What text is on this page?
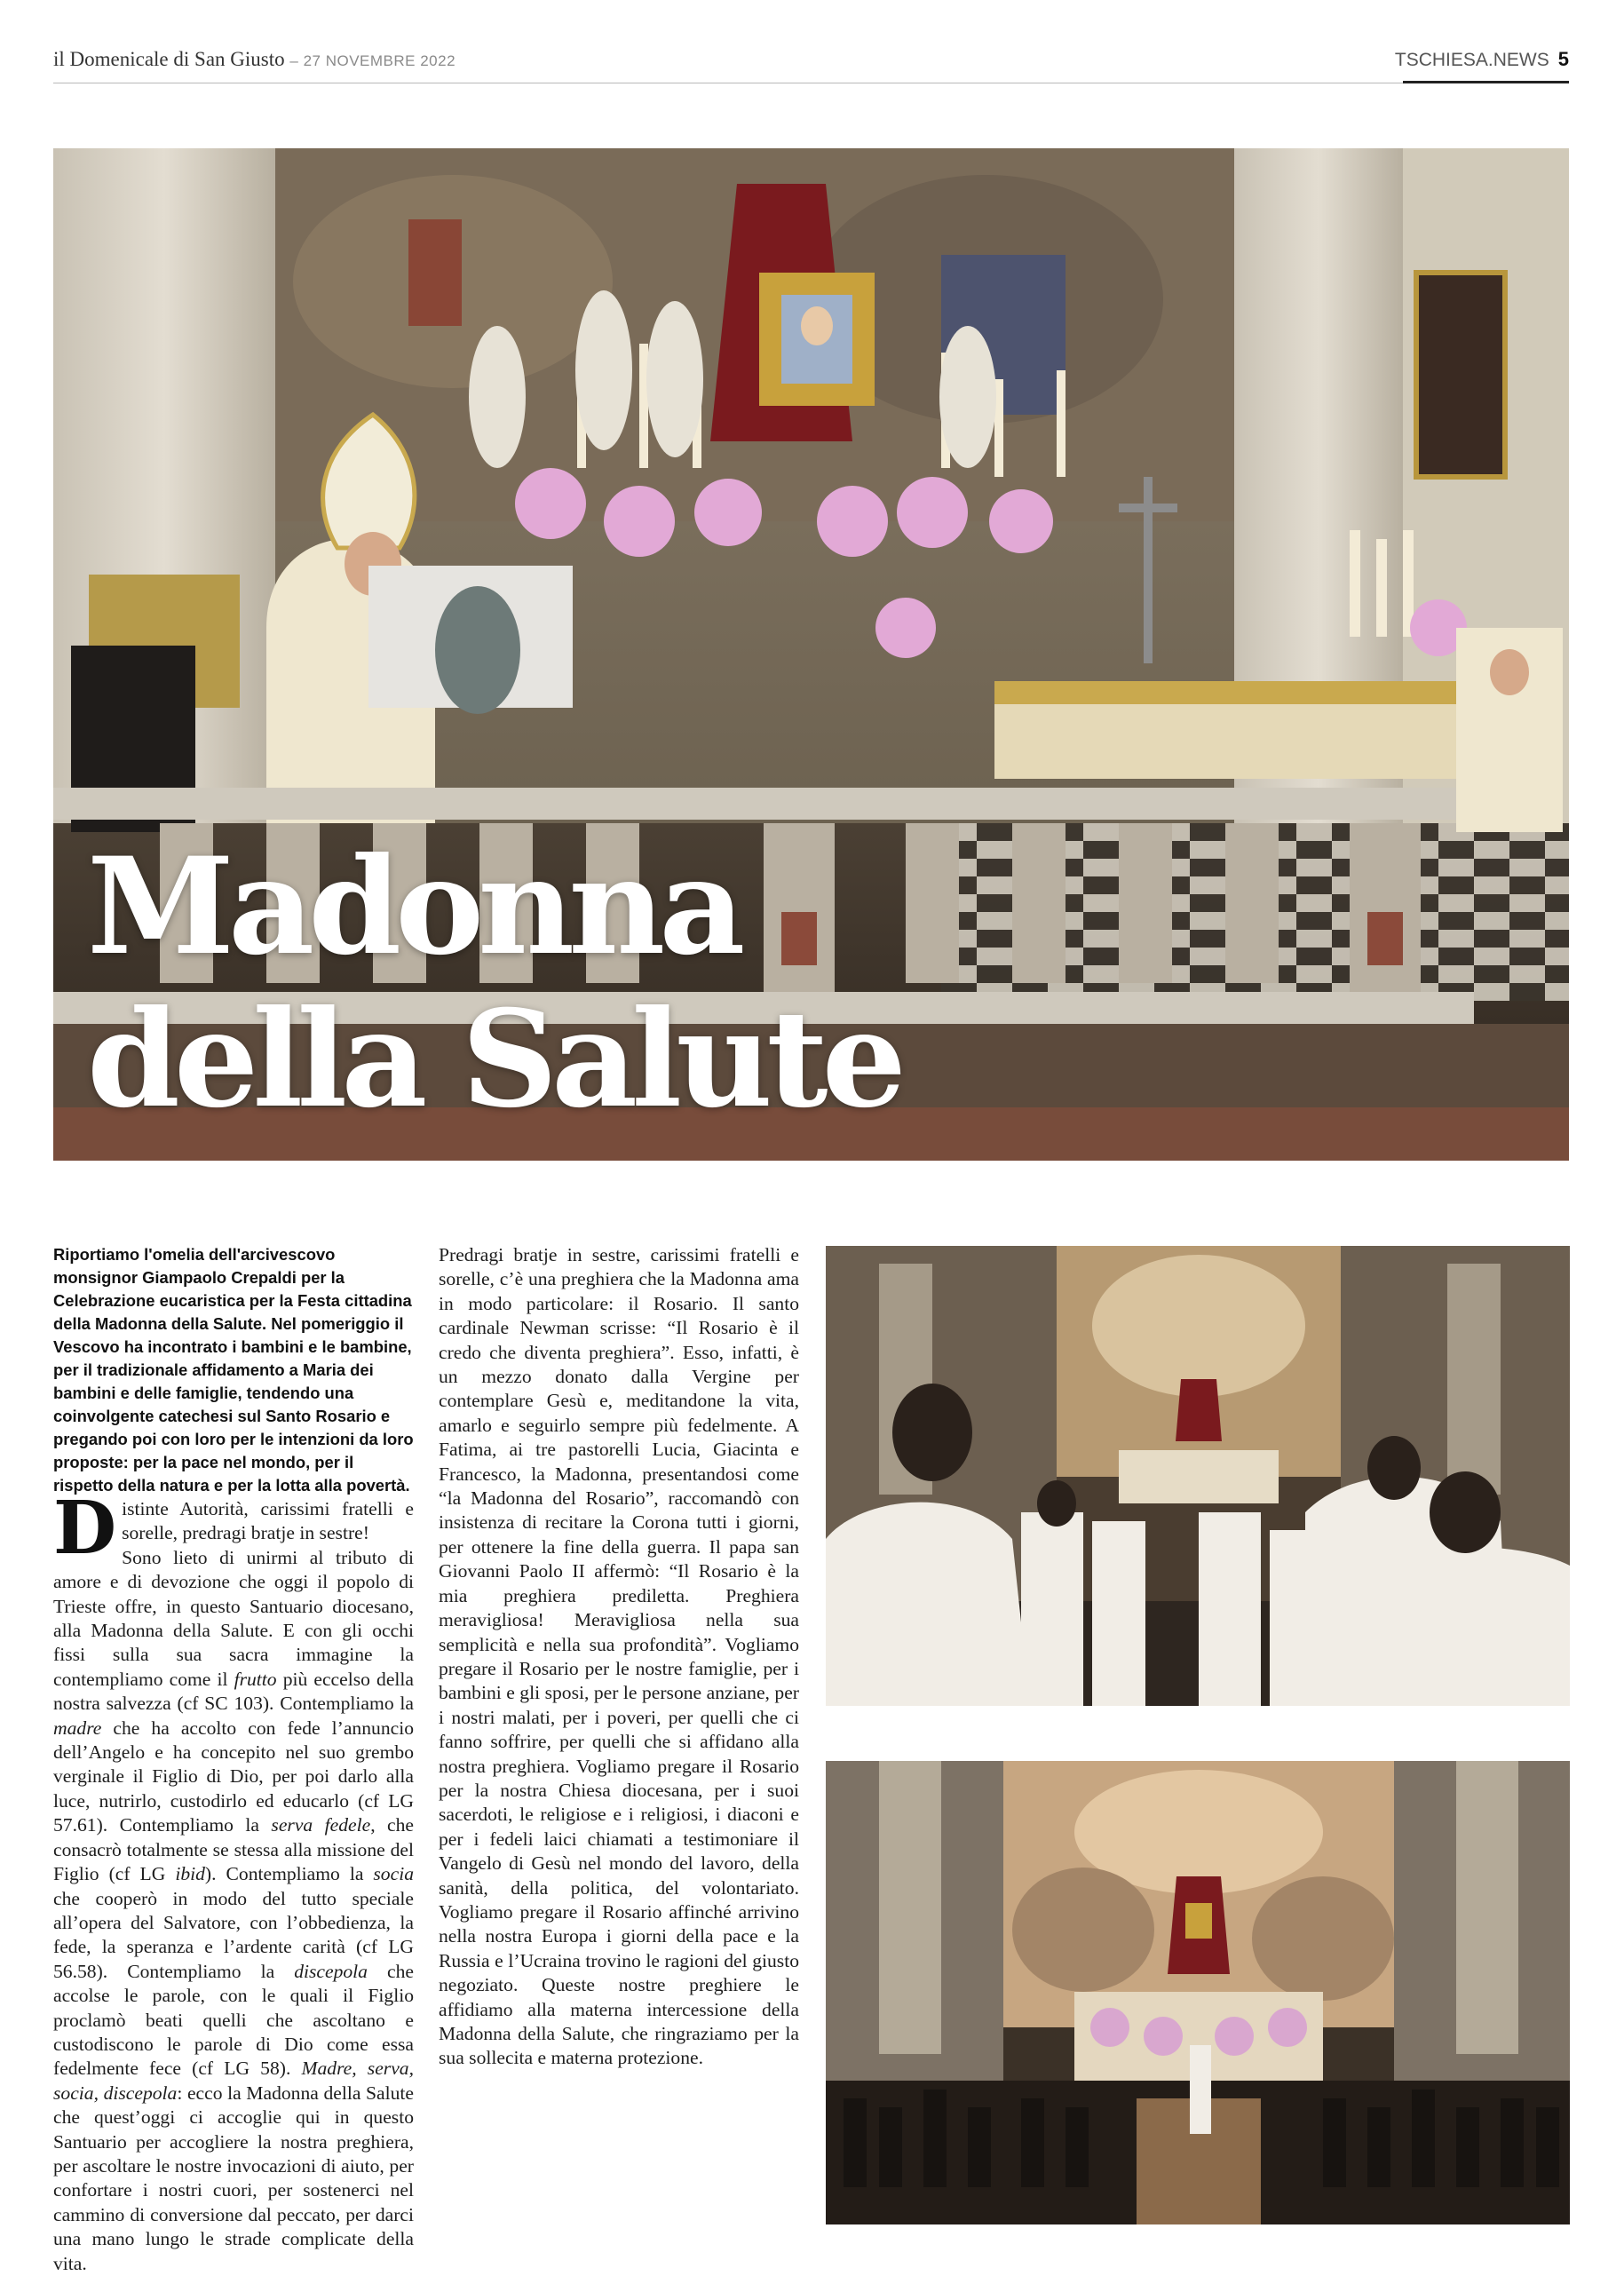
il Domenicale di San Giusto – 27 NOVEMBRE 2022	TSCHIESA.NEWS 5
Madonna
della Salute

Riportiamo l'omelia dell'arcivescovo monsignor Giampaolo Crepaldi per la Celebrazione eucaristica per la Festa cittadina della Madonna della Salute. Nel pomeriggio il Vescovo ha incontrato i bambini e le bambine, per il tradizionale affidamento a Maria dei bambini e delle famiglie, tendendo una coinvolgente catechesi sul Santo Rosario e pregando poi con loro per le intenzioni da loro proposte: per la pace nel mondo, per il rispetto della natura e per la lotta alla povertà.

Distinte Autorità, carissimi fratelli e sorelle, predragi bratje in sestre!

Sono lieto di unirmi al tributo di amore e di devozione che oggi il popolo di Trieste offre, in questo Santuario diocesano, alla Madonna della Salute. E con gli occhi fissi sulla sua sacra immagine la contempliamo come il frutto più eccelso della nostra salvezza (cf SC 103). Contempliamo la madre che ha accolto con fede l’annuncio dell’Angelo e ha concepito nel suo grembo verginale il Figlio di Dio, per poi darlo alla luce, nutrirlo, custodirlo ed educarlo (cf LG 57.61). Contempliamo la serva fedele, che consacrò totalmente se stessa alla missione del Figlio (cf LG ibid). Contempliamo la socia che cooperò in modo del tutto speciale all’opera del Salvatore, con l’obbedienza, la fede, la speranza e l’ardente carità (cf LG 56.58). Contempliamo la discepola che accolse le parole, con le quali il Figlio proclamò beati quelli che ascoltano e custodiscono le parole di Dio come essa fedelmente fece (cf LG 58). Madre, serva, socia, discepola: ecco la Madonna della Salute che quest’oggi ci accoglie qui in questo Santuario per accogliere la nostra preghiera, per ascoltare le nostre invocazioni di aiuto, per confortare i nostri cuori, per sostenerci nel cammino di conversione dal peccato, per darci una mano lungo le strade complicate della vita.

Predragi bratje in sestre, carissimi fratelli e sorelle, c’è una preghiera che la Madonna ama in modo particolare: il Rosario. Il santo cardinale Newman scrisse: “Il Rosario è il credo che diventa preghiera”. Esso, infatti, è un mezzo donato dalla Vergine per contemplare Gesù e, meditandone la vita, amarlo e seguirlo sempre più fedelmente. A Fatima, ai tre pastorelli Lucia, Giacinta e Francesco, la Madonna, presentandosi come “la Madonna del Rosario”, raccomandò con insistenza di recitare la Corona tutti i giorni, per ottenere la fine della guerra. Il papa san Giovanni Paolo II affermò: “Il Rosario è la mia preghiera prediletta. Preghiera meravigliosa! Meravigliosa nella sua semplicità e nella sua profondità”. Vogliamo pregare il Rosario per le nostre famiglie, per i bambini e gli sposi, per le persone anziane, per i nostri malati, per i poveri, per quelli che ci fanno soffrire, per quelli che si affidano alla nostra preghiera. Vogliamo pregare il Rosario per la nostra Chiesa diocesana, per i suoi sacerdoti, le religiose e i religiosi, i diaconi e per i fedeli laici chiamati a testimoniare il Vangelo di Gesù nel mondo del lavoro, della sanità, della politica, del volontariato. Vogliamo pregare il Rosario affinché arrivino nella nostra Europa i giorni della pace e la Russia e l’Ucraina trovino le ragioni del giusto negoziato. Queste nostre preghiere le affidiamo alla materna intercessione della Madonna della Salute, che ringraziamo per la sua sollecita e materna protezione.
